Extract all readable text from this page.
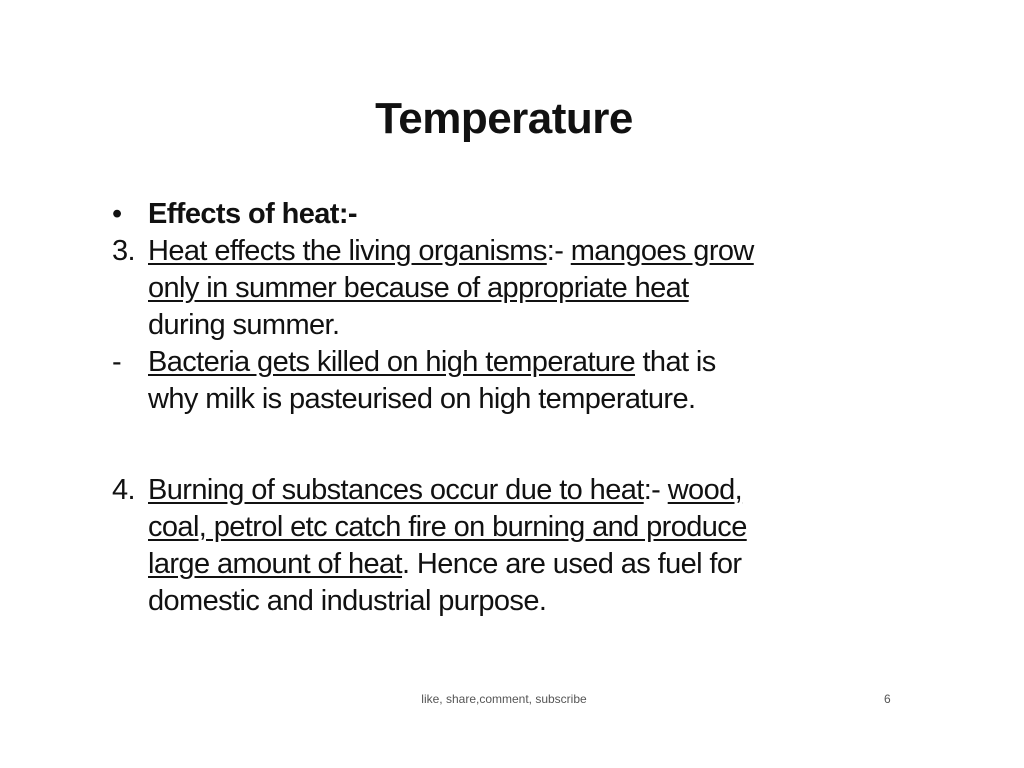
Temperature
• Effects of heat:-
3. Heat effects the living organisms:- mangoes grow
only in summer because of appropriate heat
during summer.
- Bacteria gets killed on high temperature that is
why milk is pasteurised on high temperature.
4. Burning of substances occur due to heat:- wood,
coal, petrol etc catch fire on burning and produce
large amount of heat. Hence are used as fuel for
domestic and industrial purpose.
like, share,comment, subscribe	6
